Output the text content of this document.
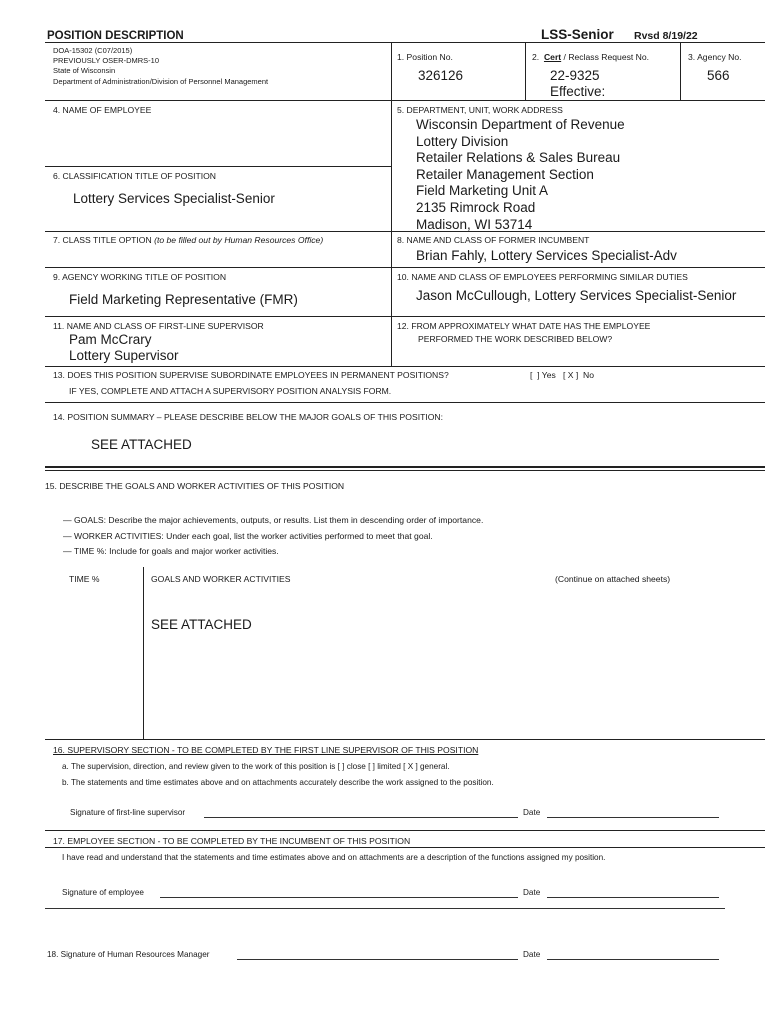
POSITION DESCRIPTION
DOA-15302 (C07/2015)
PREVIOUSLY OSER-DMRS-10
State of Wisconsin
Department of Administration/Division of Personnel Management
LSS-Senior Rvsd 8/19/22
1. Position No.
326126
2. Cert / Reclass Request No.
22-9325
Effective:
3. Agency No.
566
4. NAME OF EMPLOYEE	5. DEPARTMENT, UNIT, WORK ADDRESS
Wisconsin Department of Revenue
Lottery Division
Retailer Relations & Sales Bureau
Retailer Management Section
Field Marketing Unit A
2135 Rimrock Road
Madison, WI 53714
6. CLASSIFICATION TITLE OF POSITION
Lottery Services Specialist-Senior
7. CLASS TITLE OPTION (to be filled out by Human Resources Office)	8. NAME AND CLASS OF FORMER INCUMBENT
Brian Fahly, Lottery Services Specialist-Adv
9. AGENCY WORKING TITLE OF POSITION
Field Marketing Representative (FMR)
10. NAME AND CLASS OF EMPLOYEES PERFORMING SIMILAR DUTIES
Jason McCullough, Lottery Services Specialist-Senior
11. NAME AND CLASS OF FIRST-LINE SUPERVISOR
Pam McCrary
Lottery Supervisor
12. FROM APPROXIMATELY WHAT DATE HAS THE EMPLOYEE
PERFORMED THE WORK DESCRIBED BELOW?
13. DOES THIS POSITION SUPERVISE SUBORDINATE EMPLOYEES IN PERMANENT POSITIONS?	[  ] Yes   [ X ]  No
IF YES, COMPLETE AND ATTACH A SUPERVISORY POSITION ANALYSIS FORM.
14. POSITION SUMMARY – PLEASE DESCRIBE BELOW THE MAJOR GOALS OF THIS POSITION:
SEE ATTACHED
15. DESCRIBE THE GOALS AND WORKER ACTIVITIES OF THIS POSITION
— GOALS: Describe the major achievements, outputs, or results. List them in descending order of importance.
— WORKER ACTIVITIES: Under each goal, list the worker activities performed to meet that goal.
— TIME %: Include for goals and major worker activities.
TIME %	GOALS AND WORKER ACTIVITIES	(Continue on attached sheets)
SEE ATTACHED
16. SUPERVISORY SECTION - TO BE COMPLETED BY THE FIRST LINE SUPERVISOR OF THIS POSITION
a. The supervision, direction, and review given to the work of this position is [ ] close [ ] limited [ X ] general.
b. The statements and time estimates above and on attachments accurately describe the work assigned to the position.
Signature of first-line supervisor	Date
17. EMPLOYEE SECTION - TO BE COMPLETED BY THE INCUMBENT OF THIS POSITION
I have read and understand that the statements and time estimates above and on attachments are a description of the functions assigned my position.
Signature of employee	Date
18. Signature of Human Resources Manager	Date
